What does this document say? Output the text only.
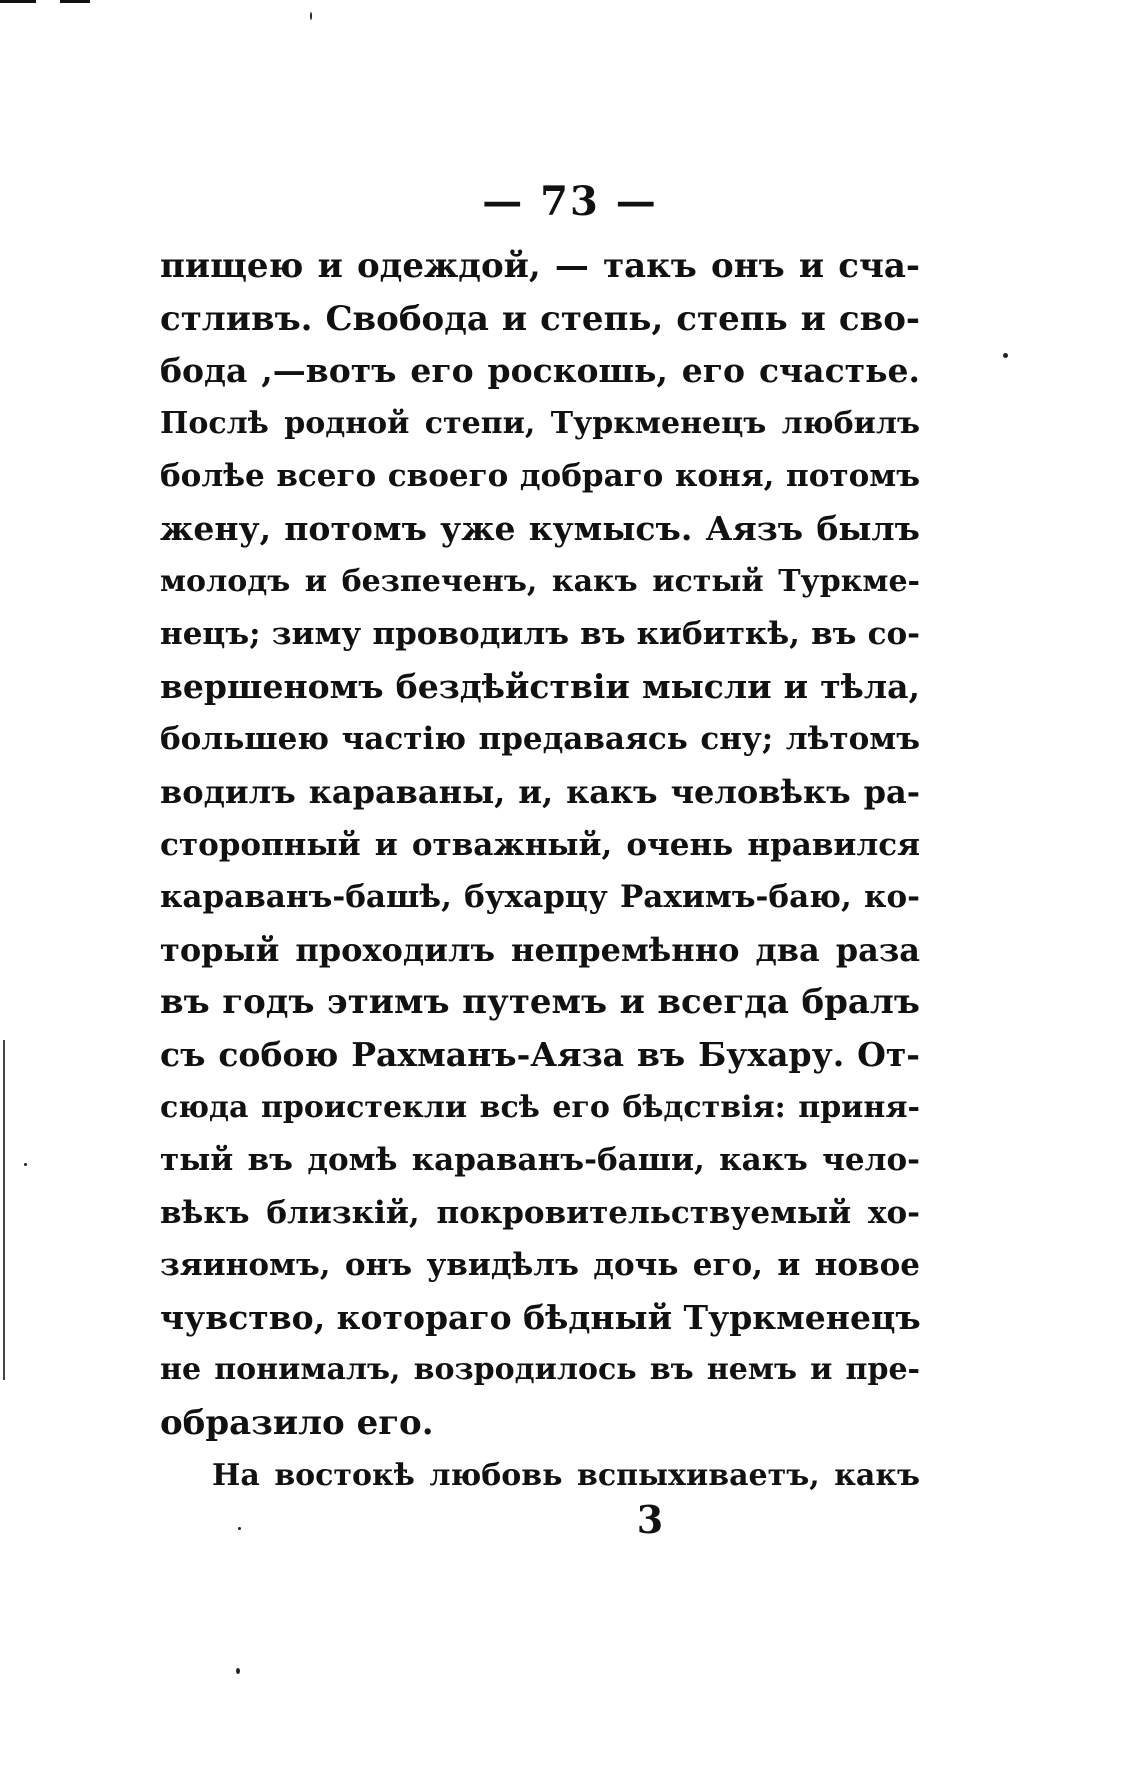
— 73 —
пищею и одеждой, — такъ онъ и сча-
стливъ. Свобода и степь, степь и сво-
бода ,—вотъ его роскошь, его счастье.
Послѣ родной степи, Туркменецъ любилъ
болѣе всего своего добраго коня, потомъ
жену, потомъ уже кумысъ. Аязъ былъ
молодъ и безпеченъ, какъ истый Туркме-
нецъ; зиму проводилъ въ кибиткѣ, въ со-
вершеномъ бездѣйствіи мысли и тѣла,
большею частію предаваясь сну; лѣтомъ
водилъ караваны, и, какъ человѣкъ ра-
сторопный и отважный, очень нравился
караванъ-башѣ, бухарцу Рахимъ-баю, ко-
торый проходилъ непремѣнно два раза
въ годъ этимъ путемъ и всегда бралъ
съ собою Рахманъ-Аяза въ Бухару. От-
сюда проистекли всѣ его бѣдствія: приня-
тый въ домѣ караванъ-баши, какъ чело-
вѣкъ близкій, покровительствуемый хо-
зяиномъ, онъ увидѣлъ дочь его, и новое
чувство, котораго бѣдный Туркменецъ
не понималъ, возродилось въ немъ и пре-
образило его.
На востокѣ любовь вспыхиваетъ, какъ
3
